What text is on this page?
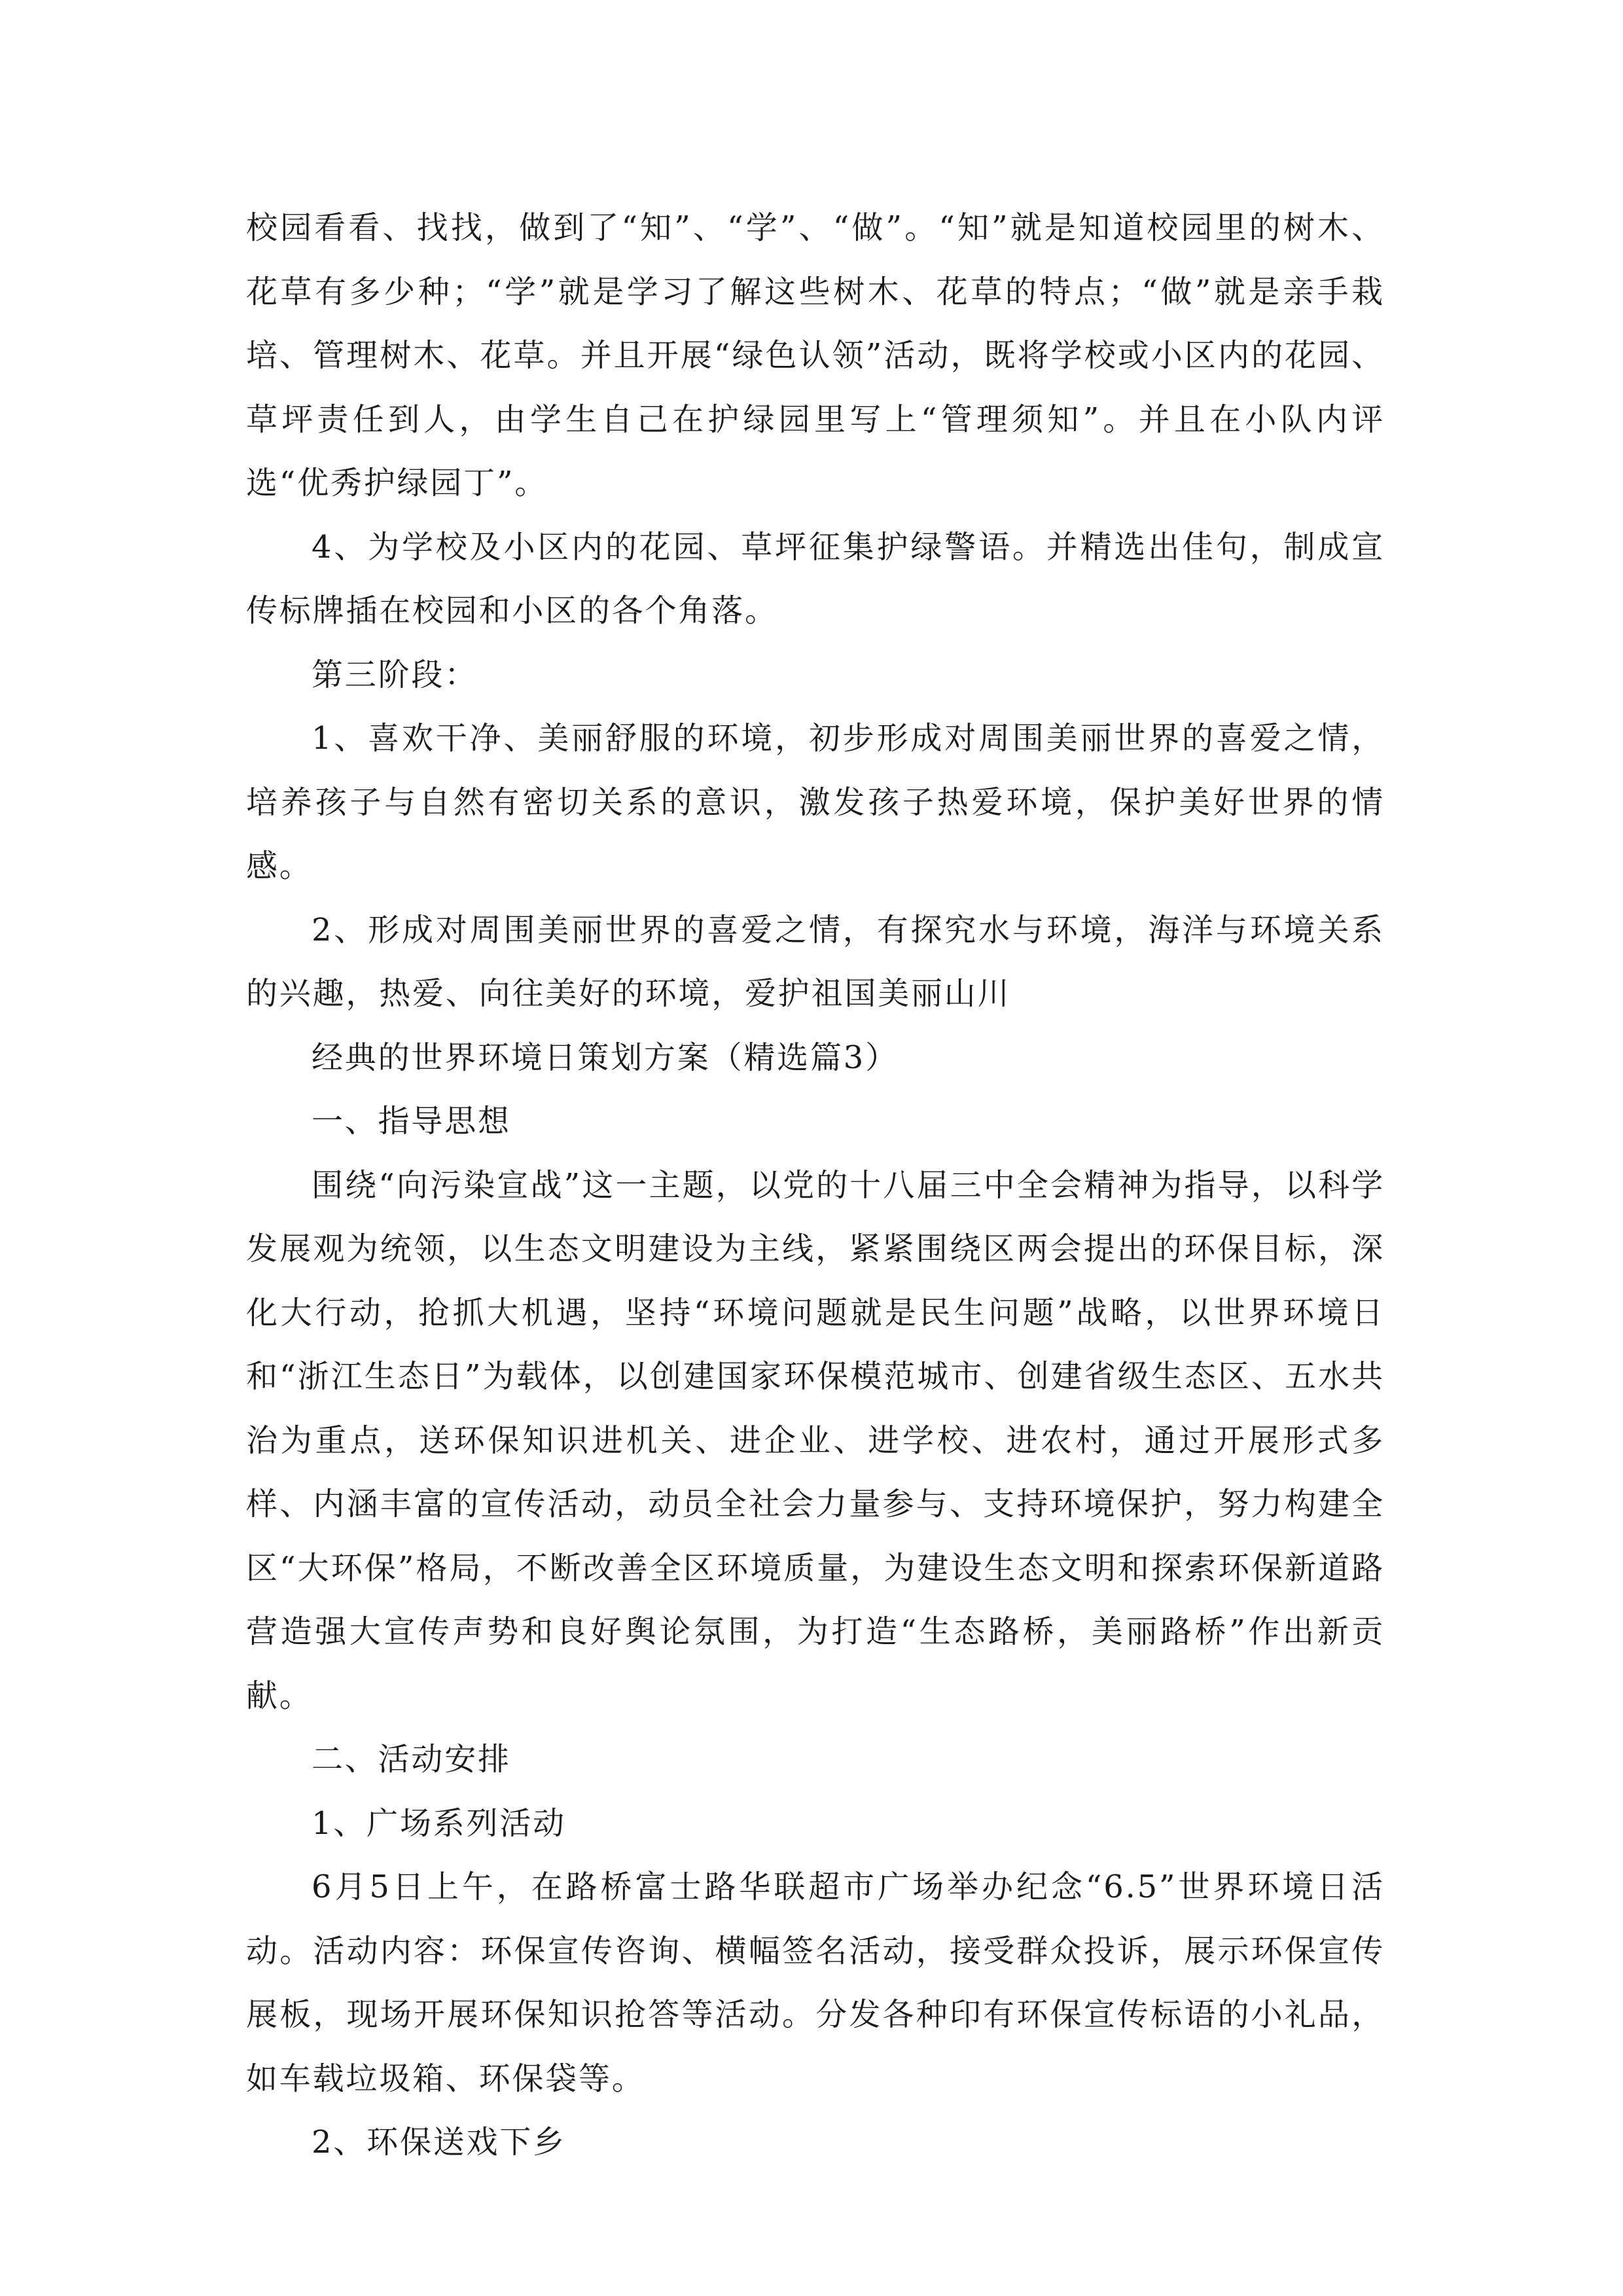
校园看看、找找，做到了“知”、“学”、“做”。“知”就是知道校园里的树木、花草有多少种；“学”就是学习了解这些树木、花草的特点；“做”就是亲手栽培、管理树木、花草。并且开展“绿色认领”活动，既将学校或小区内的花园、草坪责任到人，由学生自己在护绿园里写上“管理须知”。并且在小队内评选“优秀护绿园丁”。

4、为学校及小区内的花园、草坪征集护绿警语。并精选出佳句，制成宣传标牌插在校园和小区的各个角落。

第三阶段：

1、喜欢干净、美丽舒服的环境，初步形成对周围美丽世界的喜爱之情，培养孩子与自然有密切关系的意识，激发孩子热爱环境，保护美好世界的情感。

2、形成对周围美丽世界的喜爱之情，有探究水与环境，海洋与环境关系的兴趣，热爱、向往美好的环境，爱护祖国美丽山川

经典的世界环境日策划方案（精选篇3）

一、指导思想

围绕“向污染宣战”这一主题，以党的十八届三中全会精神为指导，以科学发展观为统领，以生态文明建设为主线，紧紧围绕区两会提出的环保目标，深化大行动，抢抓大机遇，坚持“环境问题就是民生问题”战略，以世界环境日和“浙江生态日”为载体，以创建国家环保模范城市、创建省级生态区、五水共治为重点，送环保知识进机关、进企业、进学校、进农村，通过开展形式多样、内涵丰富的宣传活动，动员全社会力量参与、支持环境保护，努力构建全区“大环保”格局，不断改善全区环境质量，为建设生态文明和探索环保新道路营造强大宣传声势和良好舆论氛围，为打造“生态路桥，美丽路桥”作出新贡献。

二、活动安排

1、广场系列活动

6月5日上午，在路桥富士路华联超市广场举办纪念“6.5”世界环境日活动。活动内容：环保宣传咨询、横幅签名活动，接受群众投诉，展示环保宣传展板，现场开展环保知识抢答等活动。分发各种印有环保宣传标语的小礼品，如车载垃圾箱、环保袋等。

2、环保送戏下乡
